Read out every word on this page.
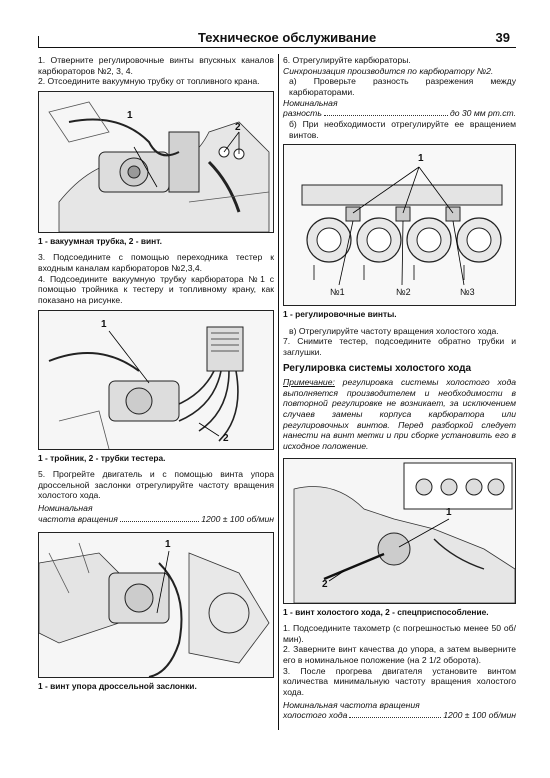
Техническое обслуживание	39

1. Отверните регулировочные винты впускных каналов карбюраторов №2, 3, 4.

2. Отсоедините вакуумную трубку от топливного крана.

1
2

1 - вакуумная трубка, 2 - винт.

3. Подсоедините с помощью переходника тестер к входным каналам карбюраторов №2,3,4.

4. Подсоедините вакуумную трубку карбюратора №1 с помощью тройника к тестеру и топливному крану, как показано на рисунке.

1
2

1 - тройник, 2 - трубки тестера.

5. Прогрейте двигатель и с помощью винта упора дроссельной заслонки отрегулируйте частоту вращения холостого хода.

Номинальная

частота вращения	1200 ± 100 об/мин
1

1 - винт упора дроссельной заслонки.

6. Отрегулируйте карбюраторы.

Синхронизация производится по карбюратору №2.

а) Проверьте разность разрежения между карбюраторами.

Номинальная

разность	до 30 мм рт.ст.

б) При необходимости отрегулируйте ее вращением винтов.

1
№1	№2	№3

1 - регулировочные винты.

в) Отрегулируйте частоту вращения холостого хода.

7. Снимите тестер, подсоедините обратно трубки и заглушки.

Регулировка системы холостого хода

Примечание: регулировка системы холостого хода выполняется производителем и необходимости в повторной регулировке не возникает, за исключением случаев замены корпуса карбюратора или регулировочных винтов. Перед разборкой следует нанести на винт метки и при сборке установить его в исходное положение.

1
2

1 - винт холостого хода, 2 - спецприспособление.

1. Подсоедините тахометр (с погрешностью менее 50 об/мин).

2. Заверните винт качества до упора, а затем выверните его в номинальное положение (на 2 1/2 оборота).

3. После прогрева двигателя установите винтом количества минимальную частоту вращения холостого хода.

Номинальная частота вращения

холостого хода	1200 ± 100 об/мин
